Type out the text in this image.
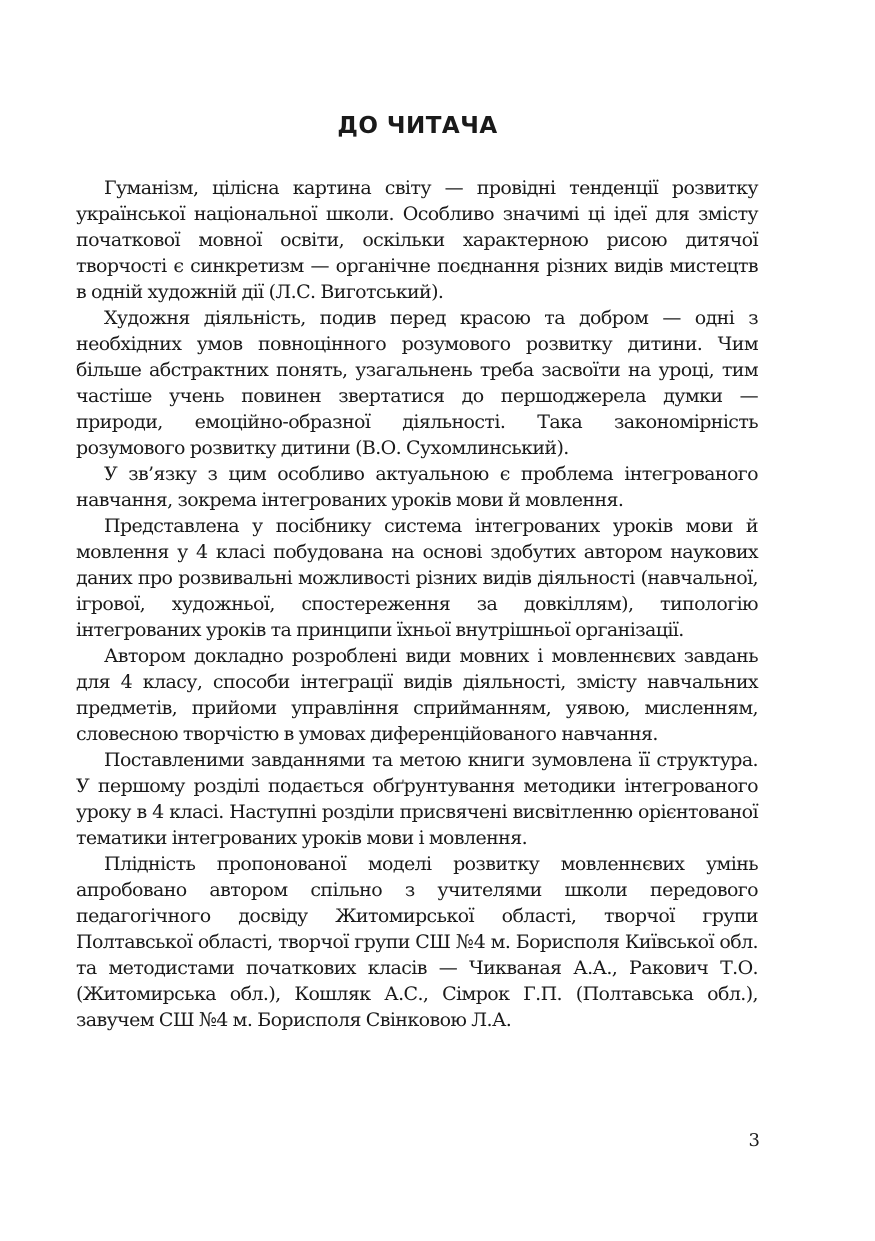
ДО ЧИТАЧА

Гуманізм, цілісна картина світу — провідні тенденції розвитку української національної школи. Особливо значимі ці ідеї для змісту початкової мовної освіти, оскільки характерною рисою дитячої творчості є синкретизм — органічне поєднання різних видів мистецтв в одній художній дії (Л.С. Виготський).

Художня діяльність, подив перед красою та добром — одні з необхідних умов повноцінного розумового розвитку дитини. Чим більше абстрактних понять, узагальнень треба засвоїти на уроці, тим частіше учень повинен звертатися до першоджерела думки — природи, емоційно-образної діяльності. Така закономірність розумового розвитку дитини (В.О. Сухомлинський).

У зв’язку з цим особливо актуальною є проблема інтегрованого навчання, зокрема інтегрованих уроків мови й мовлення.

Представлена у посібнику система інтегрованих уроків мови й мовлення у 4 класі побудована на основі здобутих автором наукових даних про розвивальні можливості різних видів діяльності (навчальної, ігрової, художньої, спостереження за довкіллям), типологію інтегрованих уроків та принципи їхньої внутрішньої організації.

Автором докладно розроблені види мовних і мовленнєвих завдань для 4 класу, способи інтеграції видів діяльності, змісту навчальних предметів, прийоми управління сприйманням, уявою, мисленням, словесною творчістю в умовах диференційованого навчання.

Поставленими завданнями та метою книги зумовлена її структура. У першому розділі подається обґрунтування методики інтегрованого уроку в 4 класі. Наступні розділи присвячені висвітленню орієнтованої тематики інтегрованих уроків мови і мовлення.

Плідність пропонованої моделі розвитку мовленнєвих умінь апробовано автором спільно з учителями школи передового педагогічного досвіду Житомирської області, творчої групи Полтавської області, творчої групи СШ №4 м. Борисполя Київської обл. та методистами початкових класів — Чикваная А.А., Ракович Т.О. (Житомирська обл.), Кошляк А.С., Сімрок Г.П. (Полтавська обл.), завучем СШ №4 м. Борисполя Свінковою Л.А.

3
